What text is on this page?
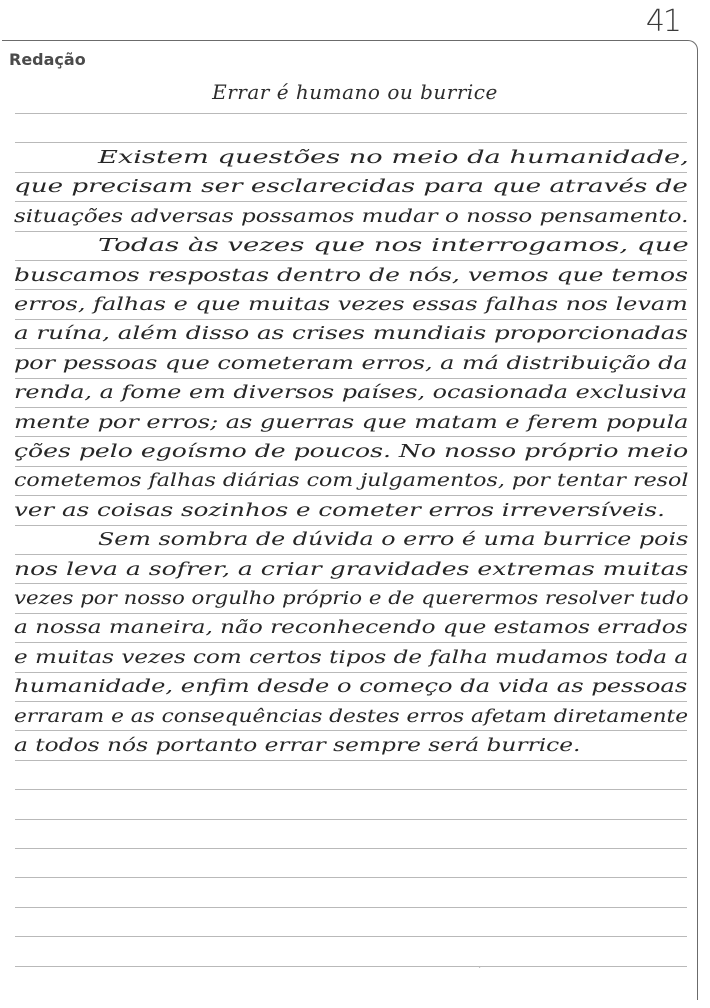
41
Redação
Errar é humano ou burrice
Existem questões no meio da humanidade,
que precisam ser esclarecidas para que através de
situações adversas possamos mudar o nosso pensamento.
Todas às vezes que nos interrogamos, que
buscamos respostas dentro de nós, vemos que temos
erros, falhas e que muitas vezes essas falhas nos levam
a ruína, além disso as crises mundiais proporcionadas
por pessoas que cometeram erros, a má distribuição da
renda, a fome em diversos países, ocasionada exclusiva
mente por erros; as guerras que matam e ferem popula
ções pelo egoísmo de poucos. No nosso próprio meio
cometemos falhas diárias com julgamentos, por tentar resol
ver as coisas sozinhos e cometer erros irreversíveis.
Sem sombra de dúvida o erro é uma burrice pois
nos leva a sofrer, a criar gravidades extremas muitas
vezes por nosso orgulho próprio e de querermos resolver tudo
a nossa maneira, não reconhecendo que estamos errados
e muitas vezes com certos tipos de falha mudamos toda a
humanidade, enfim desde o começo da vida as pessoas
erraram e as consequências destes erros afetam diretamente
a todos nós portanto errar sempre será burrice.
·
